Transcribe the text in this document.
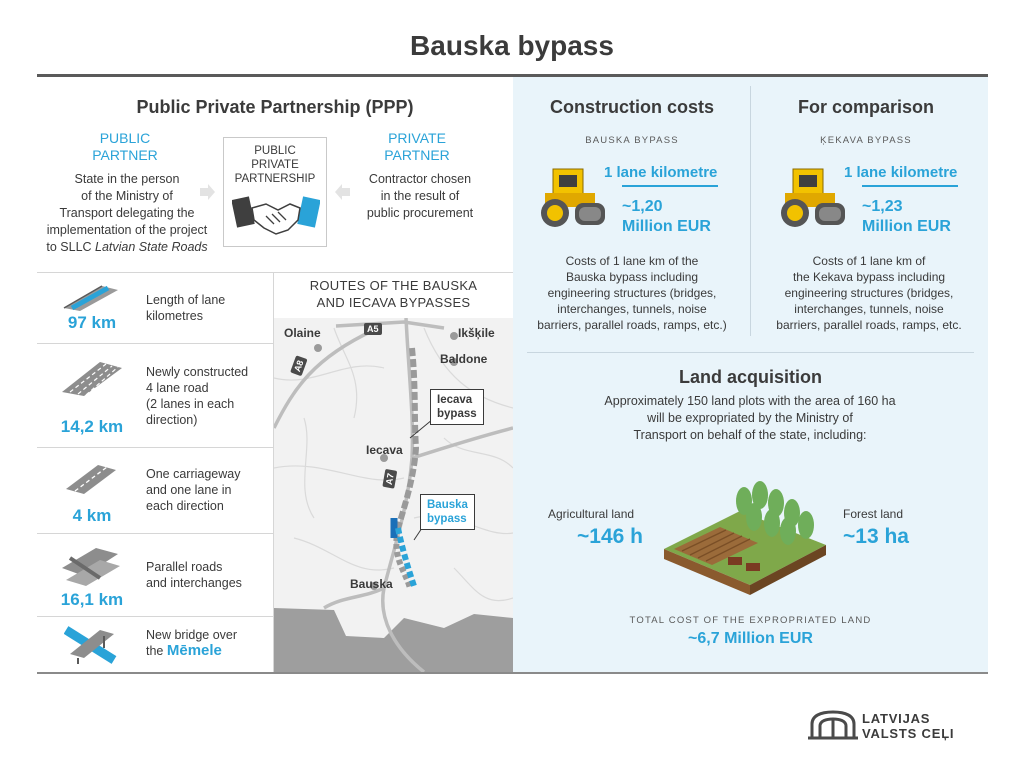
Bauska bypass
Public Private Partnership (PPP)
PUBLIC
PARTNER
State in the person
of the Ministry of
Transport delegating the
implementation of the project
to SLLC Latvian State Roads
PUBLIC
PRIVATE
PARTNERSHIP
PRIVATE
PARTNER
Contractor chosen
in the result of
public procurement
97 km
Length of lane
kilometres
14,2 km
Newly constructed
4 lane road
(2 lanes in each
direction)
4 km
One carriageway
and one lane in
each direction
16,1 km
Parallel roads
and interchanges
New bridge over
the Mēmele
ROUTES OF THE BAUSKA
AND IECAVA BYPASSES
Olaine	Ikšķile
Baldone
Iecava
Bauska
A5
A8
A7
Iecava
bypass
Bauska
bypass
Construction costs
BAUSKA BYPASS
1 lane kilometre
~1,20
Million EUR
Costs of 1 lane km of the
Bauska bypass including
engineering structures (bridges,
interchanges, tunnels, noise
barriers, parallel roads, ramps, etc.)
For comparison
ĶEKAVA BYPASS
1 lane kilometre
~1,23
Million EUR
Costs of 1 lane km of
the Kekava bypass including
engineering structures (bridges,
interchanges, tunnels, noise
barriers, parallel roads, ramps, etc.
Land acquisition
Approximately 150 land plots with the area of 160 ha
will be expropriated by the Ministry of
Transport on behalf of the state, including:
Agricultural land
~146 h
Forest land
~13 ha
TOTAL COST OF THE EXPROPRIATED LAND
~6,7 Million EUR
LATVIJAS
VALSTS CEĻI
